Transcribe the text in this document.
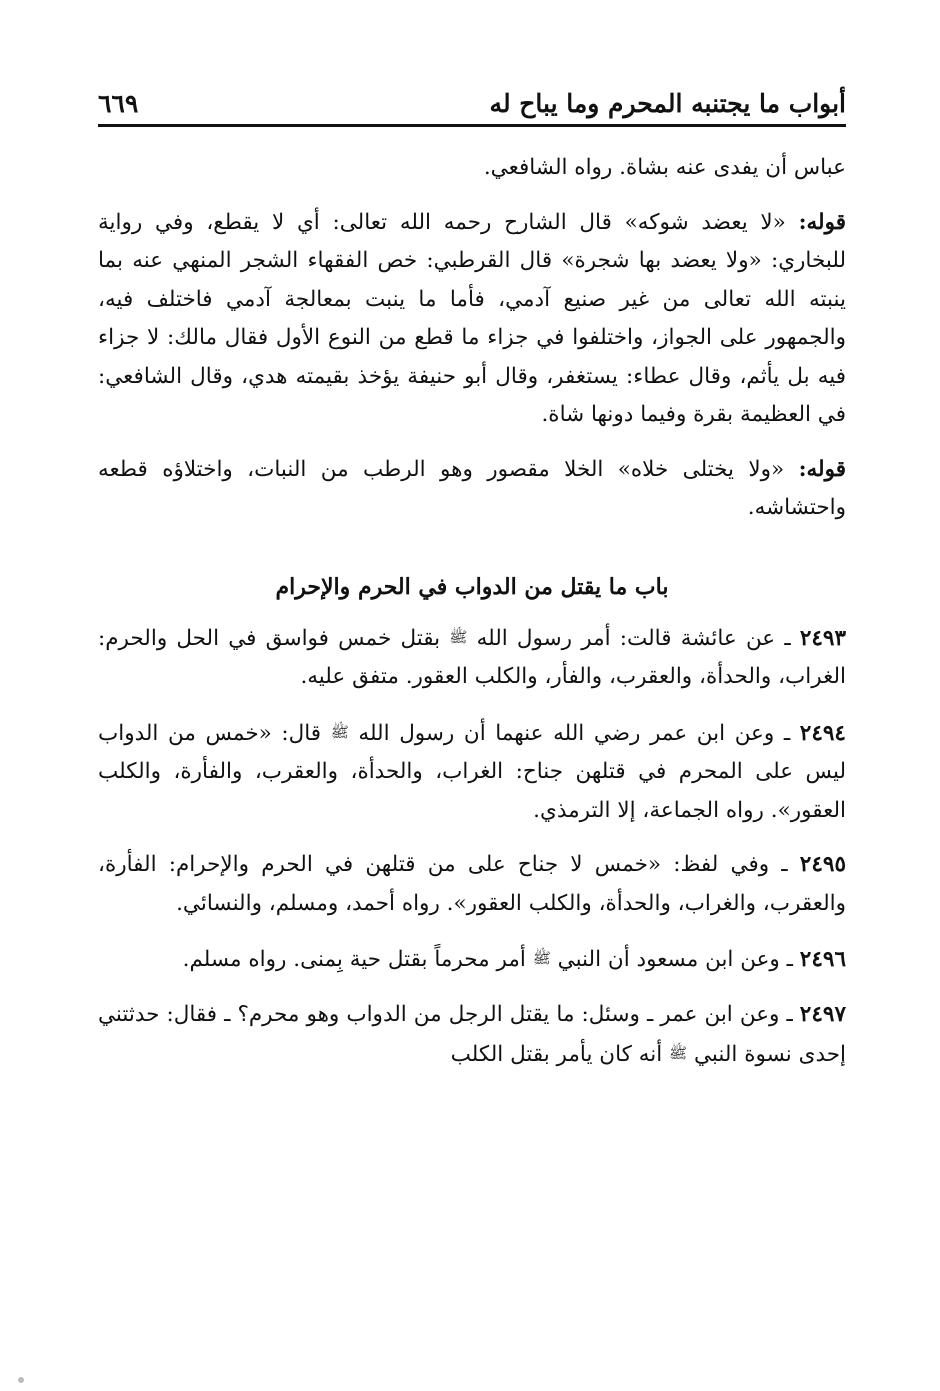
أبواب ما يجتنبه المحرم وما يباح له
٦٦٩

عباس أن يفدى عنه بشاة. رواه الشافعي.

قوله: «لا يعضد شوكه» قال الشارح رحمه الله تعالى: أي لا يقطع، وفي رواية للبخاري: «ولا يعضد بها شجرة» قال القرطبي: خص الفقهاء الشجر المنهي عنه بما ينبته الله تعالى من غير صنيع آدمي، فأما ما ينبت بمعالجة آدمي فاختلف فيه، والجمهور على الجواز، واختلفوا في جزاء ما قطع من النوع الأول فقال مالك: لا جزاء فيه بل يأثم، وقال عطاء: يستغفر، وقال أبو حنيفة يؤخذ بقيمته هدي، وقال الشافعي: في العظيمة بقرة وفيما دونها شاة.

قوله: «ولا يختلى خلاه» الخلا مقصور وهو الرطب من النبات، واختلاؤه قطعه واحتشاشه.

باب ما يقتل من الدواب في الحرم والإحرام

٢٤٩٣ ـ عن عائشة قالت: أمر رسول الله ﷺ بقتل خمس فواسق في الحل والحرم: الغراب، والحدأة، والعقرب، والفأر، والكلب العقور. متفق عليه.

٢٤٩٤ ـ وعن ابن عمر رضي الله عنهما أن رسول الله ﷺ قال: «خمس من الدواب ليس على المحرم في قتلهن جناح: الغراب، والحدأة، والعقرب، والفأرة، والكلب العقور». رواه الجماعة، إلا الترمذي.

٢٤٩٥ ـ وفي لفظ: «خمس لا جناح على من قتلهن في الحرم والإحرام: الفأرة، والعقرب، والغراب، والحدأة، والكلب العقور». رواه أحمد، ومسلم، والنسائي.

٢٤٩٦ ـ وعن ابن مسعود أن النبي ﷺ أمر محرماً بقتل حية بِمنى. رواه مسلم.

٢٤٩٧ ـ وعن ابن عمر ـ وسئل: ما يقتل الرجل من الدواب وهو محرم؟ ـ فقال: حدثتني إحدى نسوة النبي ﷺ أنه كان يأمر بقتل الكلب
